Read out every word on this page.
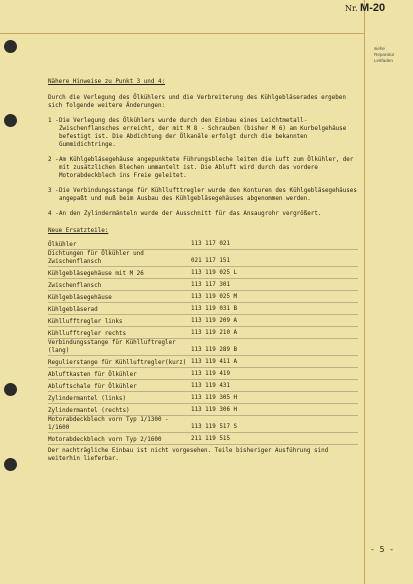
Nr. M-20
siehe
Reparatur
Leitfaden
Nähere Hinweise zu Punkt 3 und 4:
Durch die Verlegung des Ölkühlers und die Verbreiterung des Kühlgebläserades ergeben sich folgende weitere Änderungen:
1 - Die Verlegung des Ölkühlers wurde durch den Einbau eines Leichtmetall-Zwischenflansches erreicht, der mit M 8 - Schrauben (bisher M 6) am Kurbelgehäuse befestigt ist. Die Abdichtung der Ölkanäle erfolgt durch die bekannten Gummidichtringe.
2 - Am Kühlgebläsegehäuse angepunktete Führungsbleche leiten die Luft zum Ölkühler, der mit zusätzlichen Blechen ummantelt ist. Die Abluft wird durch das vordere Motorabdeckblech ins Freie geleitet.
3 - Die Verbindungsstange für Kühllufttregler wurde den Konturen des Kühlgebläsegehäuses angepaßt und muß beim Ausbau des Kühlgebläsegehäuses abgenommen werden.
4 - An den Zylindermänteln wurde der Ausschnitt für das Ansaugrohr vergrößert.
Neue Ersatzteile:
Ölkühler	113 117 021
Dichtungen für Ölkühler und Zwischenflansch	021 117 151
Kühlgebläsegehäuse mit M 26	113 119 025 L
Zwischenflansch	113 117 301
Kühlgebläsegehäuse	113 119 025 M
Kühlgebläserad	113 119 031 B
Kühllufftregler links	113 119 209 A
Kühllufftregler rechts	113 119 210 A
Verbindungsstange für Kühlluftregler (lang)	113 119 289 B
Regulierstange für Kühlluftregler(kurz) 113 119 411 A
Abluftkasten für Ölkühler	113 119 419
Abluftschale für Ölkühler	113 119 431
Zylindermantel (links)	113 119 305 H
Zylindermantel (rechts)	113 119 306 H
Motorabdeckblech vorn Typ 1/1300 - 1/1600	113 119 517 S
Motorabdeckblech vorn Typ 2/1600	211 119 515
Der nachträgliche Einbau ist nicht vorgesehen. Teile bisheriger Ausführung sind weiterhin lieferbar.
- 5 -
